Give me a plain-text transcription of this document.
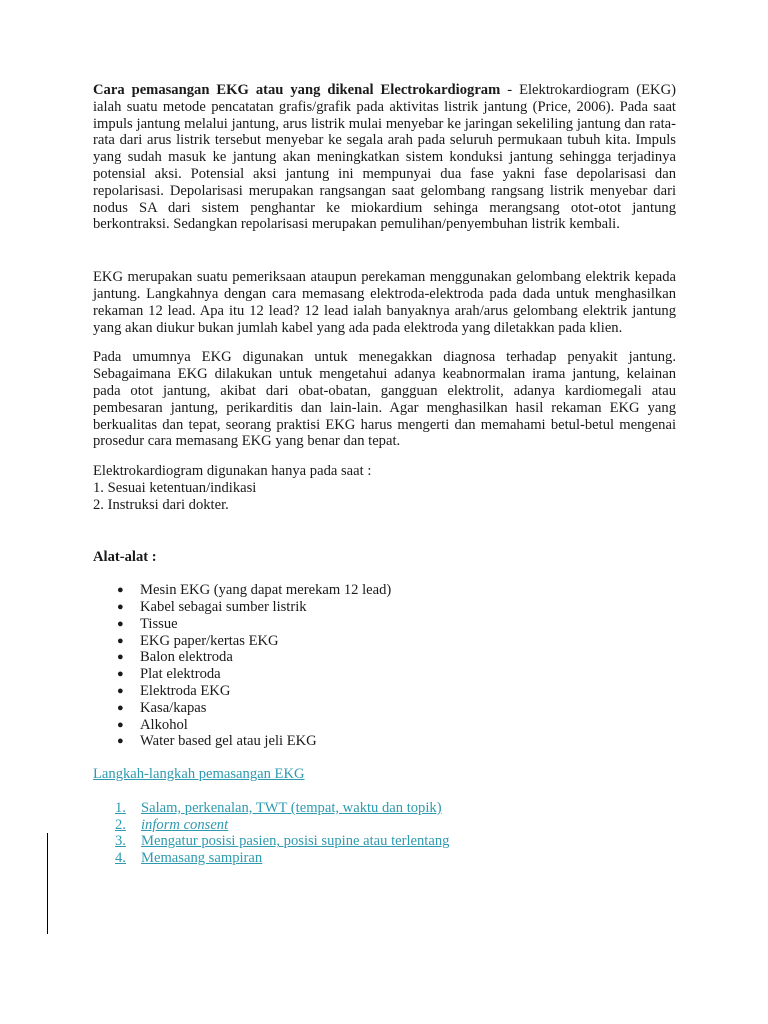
Cara pemasangan EKG atau yang dikenal Electrokardiogram - Elektrokardiogram (EKG) ialah suatu metode pencatatan grafis/grafik pada aktivitas listrik jantung (Price, 2006). Pada saat impuls jantung melalui jantung, arus listrik mulai menyebar ke jaringan sekeliling jantung dan rata-rata dari arus listrik tersebut menyebar ke segala arah pada seluruh permukaan tubuh kita. Impuls yang sudah masuk ke jantung akan meningkatkan sistem konduksi jantung sehingga terjadinya potensial aksi. Potensial aksi jantung ini mempunyai dua fase yakni fase depolarisasi dan repolarisasi. Depolarisasi merupakan rangsangan saat gelombang rangsang listrik menyebar dari nodus SA dari sistem penghantar ke miokardium sehinga merangsang otot-otot jantung berkontraksi. Sedangkan repolarisasi merupakan pemulihan/penyembuhan listrik kembali.

EKG merupakan suatu pemeriksaan ataupun perekaman menggunakan gelombang elektrik kepada jantung. Langkahnya dengan cara memasang elektroda-elektroda pada dada untuk menghasilkan rekaman 12 lead. Apa itu 12 lead? 12 lead ialah banyaknya arah/arus gelombang elektrik jantung yang akan diukur bukan jumlah kabel yang ada pada elektroda yang diletakkan pada klien.

Pada umumnya EKG digunakan untuk menegakkan diagnosa terhadap penyakit jantung. Sebagaimana EKG dilakukan untuk mengetahui adanya keabnormalan irama jantung, kelainan pada otot jantung, akibat dari obat-obatan, gangguan elektrolit, adanya kardiomegali atau pembesaran jantung, perikarditis dan lain-lain. Agar menghasilkan hasil rekaman EKG yang berkualitas dan tepat, seorang praktisi EKG harus mengerti dan memahami betul-betul mengenai prosedur cara memasang EKG yang benar dan tepat.

Elektrokardiogram digunakan hanya pada saat :
1. Sesuai ketentuan/indikasi
2. Instruksi dari dokter.
Alat-alat :
● Mesin EKG (yang dapat merekam 12 lead)
● Kabel sebagai sumber listrik
● Tissue
● EKG paper/kertas EKG
● Balon elektroda
● Plat elektroda
● Elektroda EKG
● Kasa/kapas
● Alkohol
● Water based gel atau jeli EKG
Langkah-langkah pemasangan EKG
1. Salam, perkenalan, TWT (tempat, waktu dan topik)
2. inform consent
3. Mengatur posisi pasien, posisi supine atau terlentang
4. Memasang sampiran
